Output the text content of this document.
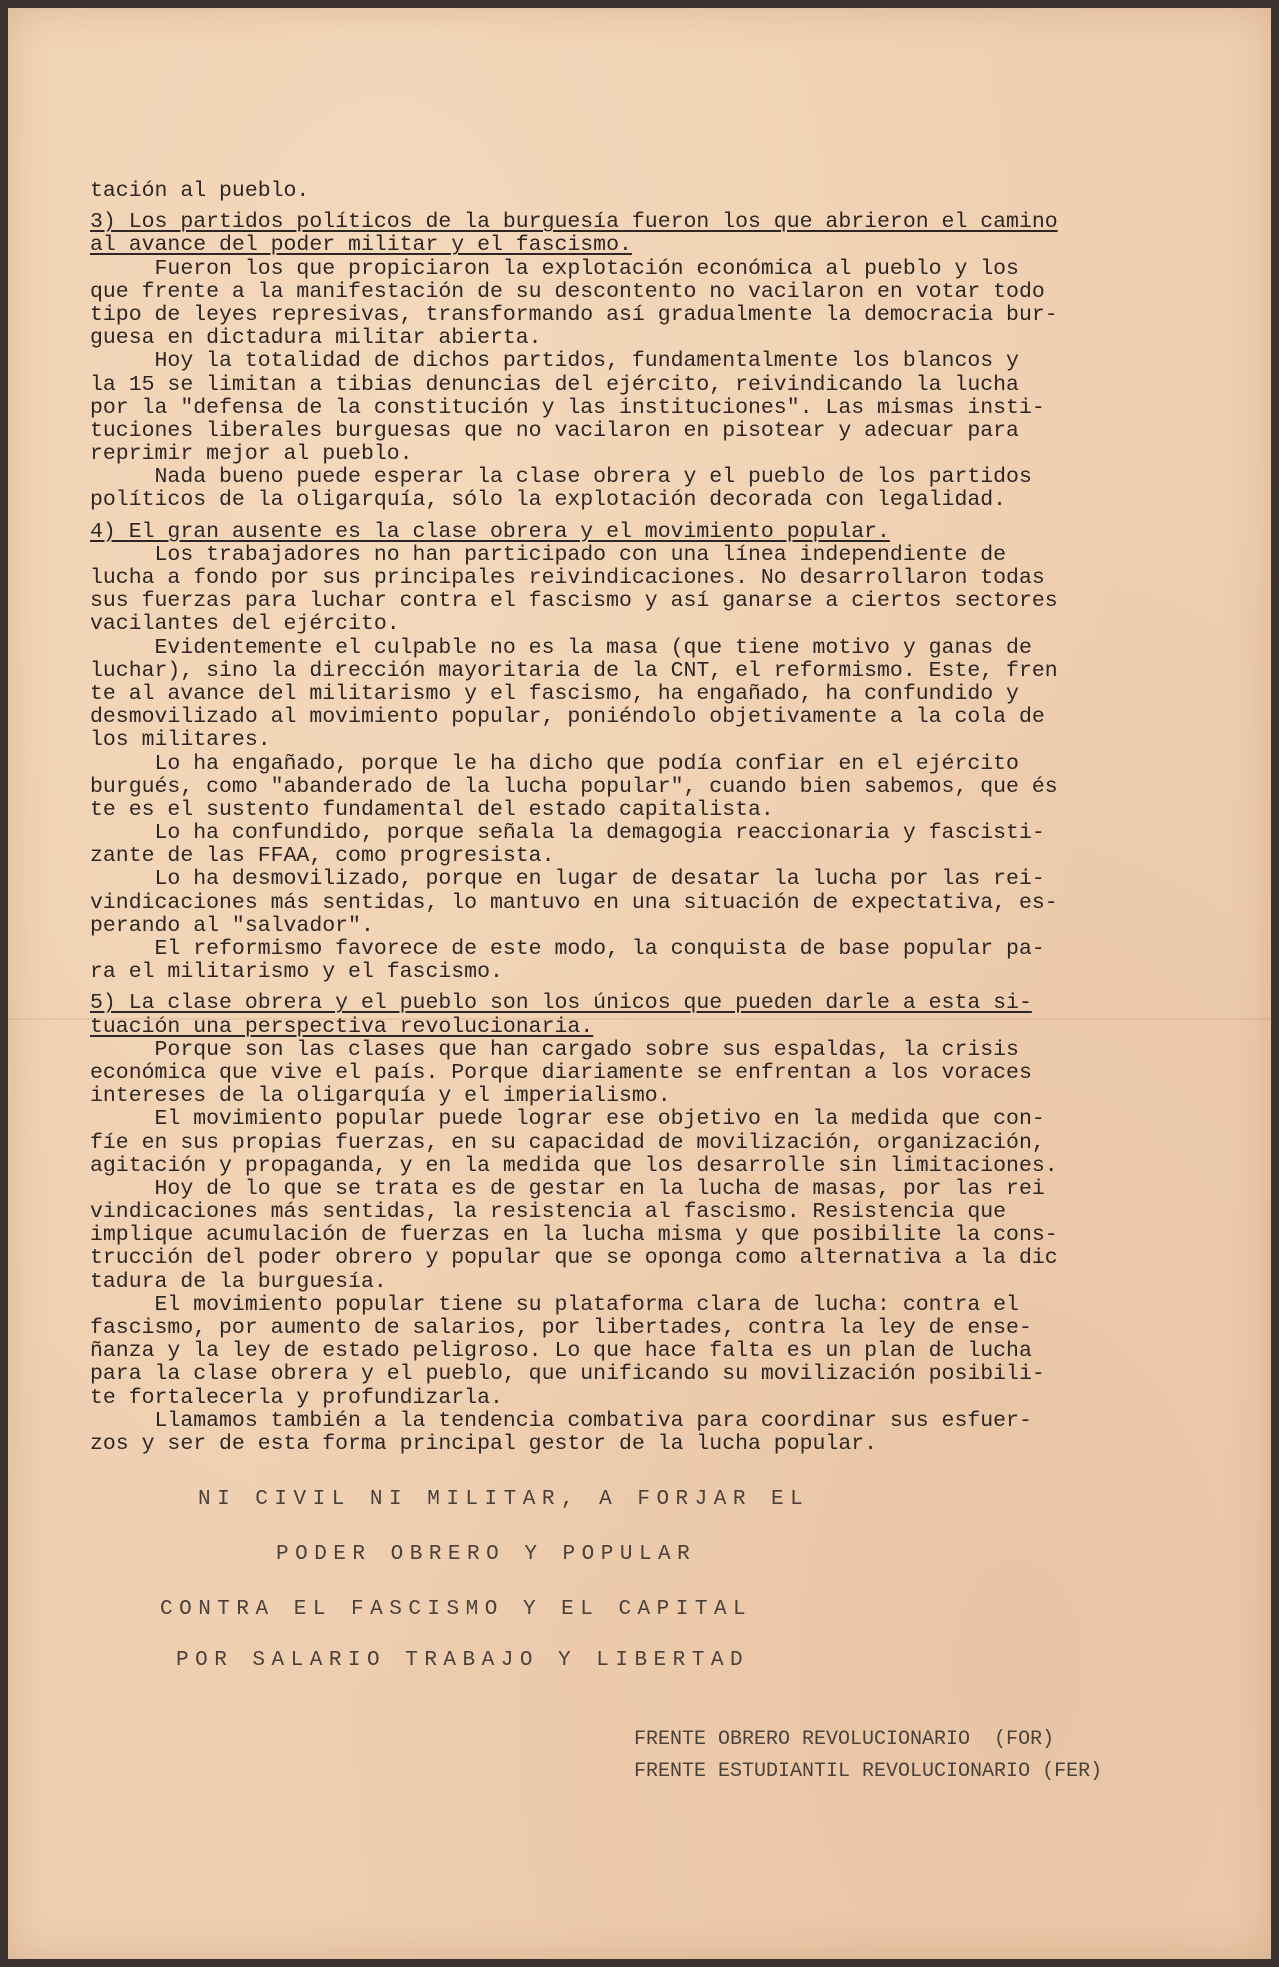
tación al pueblo.
3) Los partidos políticos de la burguesía fueron los que abrieron el camino
al avance del poder militar y el fascismo.
Fueron los que propiciaron la explotación económica al pueblo y los
que frente a la manifestación de su descontento no vacilaron en votar todo
tipo de leyes represivas, transformando así gradualmente la democracia bur-
guesa en dictadura militar abierta.
Hoy la totalidad de dichos partidos, fundamentalmente los blancos y
la 15 se limitan a tibias denuncias del ejército, reivindicando la lucha
por la "defensa de la constitución y las instituciones". Las mismas insti-
tuciones liberales burguesas que no vacilaron en pisotear y adecuar para
reprimir mejor al pueblo.
Nada bueno puede esperar la clase obrera y el pueblo de los partidos
políticos de la oligarquía, sólo la explotación decorada con legalidad.
4) El gran ausente es la clase obrera y el movimiento popular.
Los trabajadores no han participado con una línea independiente de
lucha a fondo por sus principales reivindicaciones. No desarrollaron todas
sus fuerzas para luchar contra el fascismo y así ganarse a ciertos sectores
vacilantes del ejército.
Evidentemente el culpable no es la masa (que tiene motivo y ganas de
luchar), sino la dirección mayoritaria de la CNT, el reformismo. Este, fren
te al avance del militarismo y el fascismo, ha engañado, ha confundido y
desmovilizado al movimiento popular, poniéndolo objetivamente a la cola de
los militares.
Lo ha engañado, porque le ha dicho que podía confiar en el ejército
burgués, como "abanderado de la lucha popular", cuando bien sabemos, que és
te es el sustento fundamental del estado capitalista.
Lo ha confundido, porque señala la demagogia reaccionaria y fascisti-
zante de las FFAA, como progresista.
Lo ha desmovilizado, porque en lugar de desatar la lucha por las rei-
vindicaciones más sentidas, lo mantuvo en una situación de expectativa, es-
perando al "salvador".
El reformismo favorece de este modo, la conquista de base popular pa-
ra el militarismo y el fascismo.
5) La clase obrera y el pueblo son los únicos que pueden darle a esta si-
tuación una perspectiva revolucionaria.
Porque son las clases que han cargado sobre sus espaldas, la crisis
económica que vive el país. Porque diariamente se enfrentan a los voraces
intereses de la oligarquía y el imperialismo.
El movimiento popular puede lograr ese objetivo en la medida que con-
fíe en sus propias fuerzas, en su capacidad de movilización, organización,
agitación y propaganda, y en la medida que los desarrolle sin limitaciones.
Hoy de lo que se trata es de gestar en la lucha de masas, por las rei
vindicaciones más sentidas, la resistencia al fascismo. Resistencia que
implique acumulación de fuerzas en la lucha misma y que posibilite la cons-
trucción del poder obrero y popular que se oponga como alternativa a la dic
tadura de la burguesía.
El movimiento popular tiene su plataforma clara de lucha: contra el
fascismo, por aumento de salarios, por libertades, contra la ley de ense-
ñanza y la ley de estado peligroso. Lo que hace falta es un plan de lucha
para la clase obrera y el pueblo, que unificando su movilización posibili-
te fortalecerla y profundizarla.
Llamamos también a la tendencia combativa para coordinar sus esfuer-
zos y ser de esta forma principal gestor de la lucha popular.
NI CIVIL NI MILITAR, A FORJAR EL
PODER OBRERO Y POPULAR
CONTRA EL FASCISMO Y EL CAPITAL
POR SALARIO TRABAJO Y LIBERTAD
FRENTE OBRERO REVOLUCIONARIO  (FOR)
FRENTE ESTUDIANTIL REVOLUCIONARIO (FER)
